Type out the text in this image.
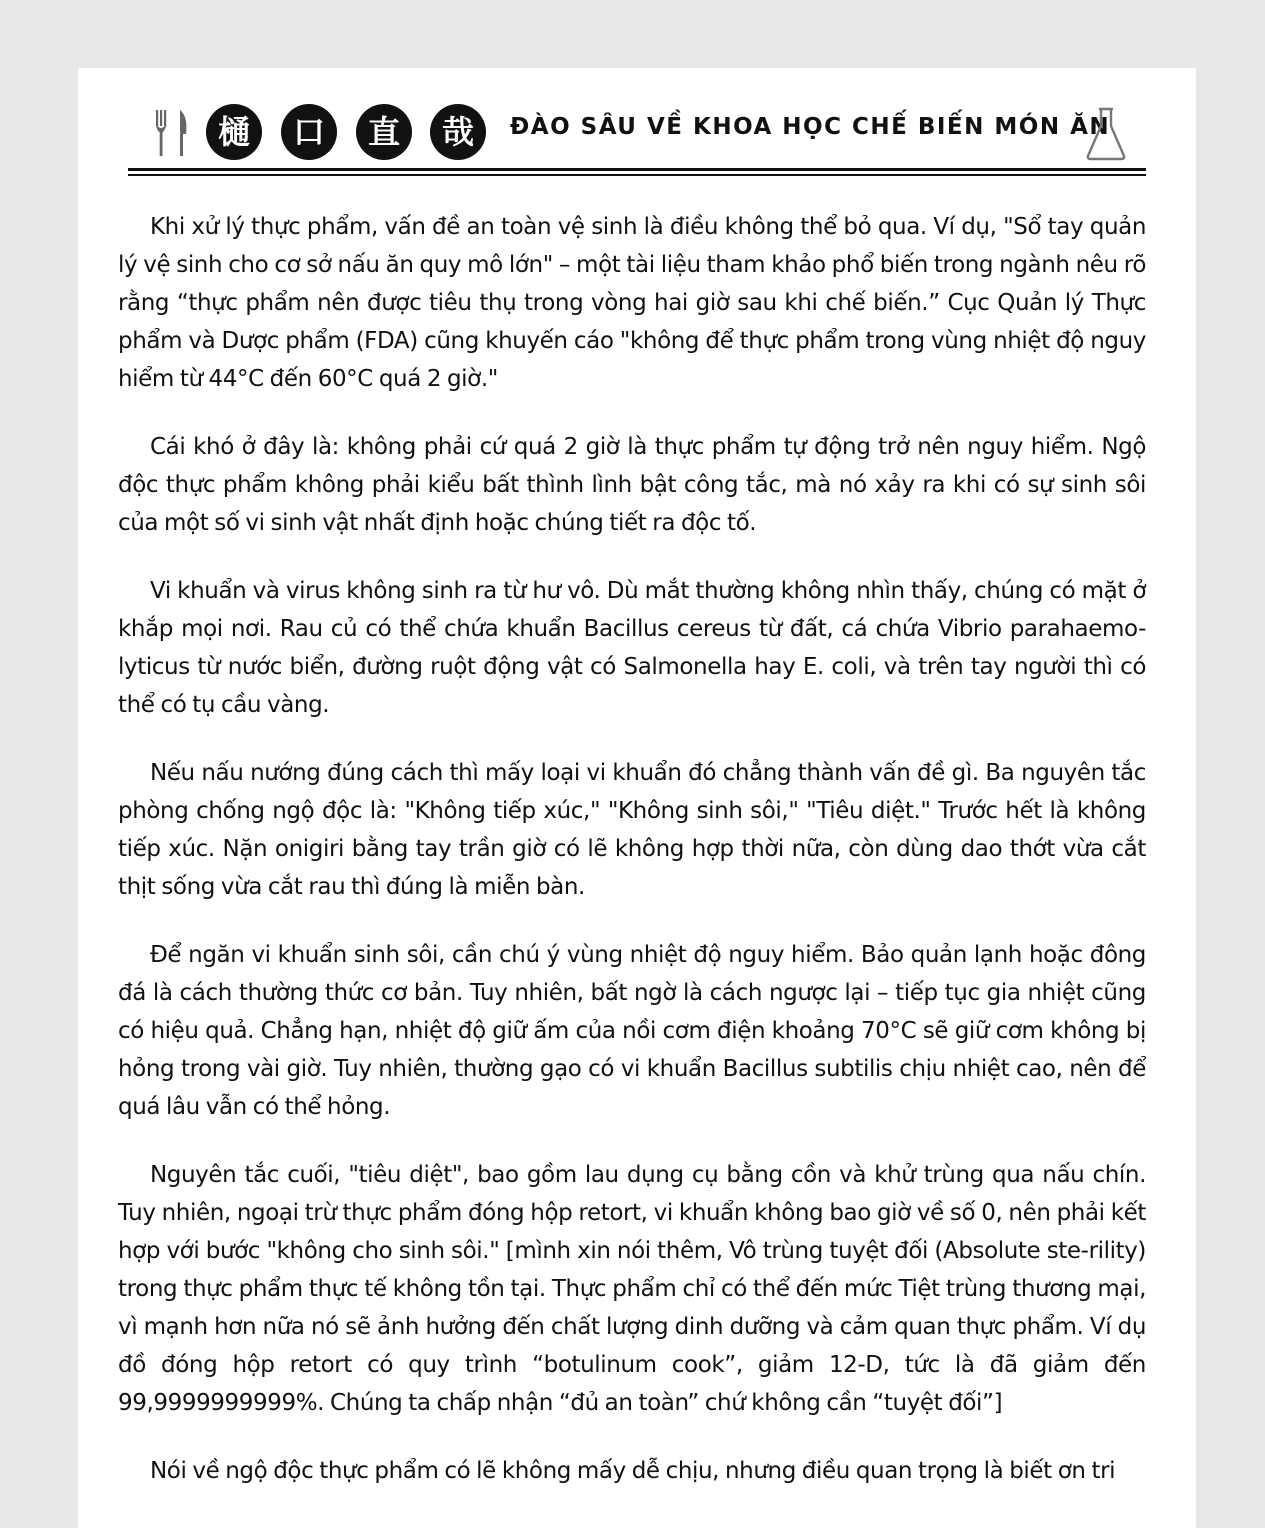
樋	口	直	哉	ĐÀO SÂU VỀ KHOA HỌC CHẾ BIẾN MÓN ĂN

Khi xử lý thực phẩm, vấn đề an toàn vệ sinh là điều không thể bỏ qua. Ví dụ, "Sổ tay quản lý vệ sinh cho cơ sở nấu ăn quy mô lớn" – một tài liệu tham khảo phổ biến trong ngành nêu rõ rằng “thực phẩm nên được tiêu thụ trong vòng hai giờ sau khi chế biến.” Cục Quản lý Thực phẩm và Dược phẩm (FDA) cũng khuyến cáo "không để thực phẩm trong vùng nhiệt độ nguy hiểm từ 44°C đến 60°C quá 2 giờ."

Cái khó ở đây là: không phải cứ quá 2 giờ là thực phẩm tự động trở nên nguy hiểm. Ngộ độc thực phẩm không phải kiểu bất thình lình bật công tắc, mà nó xảy ra khi có sự sinh sôi của một số vi sinh vật nhất định hoặc chúng tiết ra độc tố.

Vi khuẩn và virus không sinh ra từ hư vô. Dù mắt thường không nhìn thấy, chúng có mặt ở khắp mọi nơi. Rau củ có thể chứa khuẩn Bacillus cereus từ đất, cá chứa Vibrio parahaemo-lyticus từ nước biển, đường ruột động vật có Salmonella hay E. coli, và trên tay người thì có thể có tụ cầu vàng.

Nếu nấu nướng đúng cách thì mấy loại vi khuẩn đó chẳng thành vấn đề gì. Ba nguyên tắc phòng chống ngộ độc là: "Không tiếp xúc," "Không sinh sôi," "Tiêu diệt." Trước hết là không tiếp xúc. Nặn onigiri bằng tay trần giờ có lẽ không hợp thời nữa, còn dùng dao thớt vừa cắt thịt sống vừa cắt rau thì đúng là miễn bàn.

Để ngăn vi khuẩn sinh sôi, cần chú ý vùng nhiệt độ nguy hiểm. Bảo quản lạnh hoặc đông đá là cách thường thức cơ bản. Tuy nhiên, bất ngờ là cách ngược lại – tiếp tục gia nhiệt cũng có hiệu quả. Chẳng hạn, nhiệt độ giữ ấm của nồi cơm điện khoảng 70°C sẽ giữ cơm không bị hỏng trong vài giờ. Tuy nhiên, thường gạo có vi khuẩn Bacillus subtilis chịu nhiệt cao, nên để quá lâu vẫn có thể hỏng.

Nguyên tắc cuối, "tiêu diệt", bao gồm lau dụng cụ bằng cồn và khử trùng qua nấu chín. Tuy nhiên, ngoại trừ thực phẩm đóng hộp retort, vi khuẩn không bao giờ về số 0, nên phải kết hợp với bước "không cho sinh sôi." [mình xin nói thêm, Vô trùng tuyệt đối (Absolute ste-rility) trong thực phẩm thực tế không tồn tại. Thực phẩm chỉ có thể đến mức Tiệt trùng thương mại, vì mạnh hơn nữa nó sẽ ảnh hưởng đến chất lượng dinh dưỡng và cảm quan thực phẩm. Ví dụ đồ đóng hộp retort có quy trình “botulinum cook”, giảm 12-D, tức là đã giảm đến 99,9999999999%. Chúng ta chấp nhận “đủ an toàn” chứ không cần “tuyệt đối”]

Nói về ngộ độc thực phẩm có lẽ không mấy dễ chịu, nhưng điều quan trọng là biết ơn tri
